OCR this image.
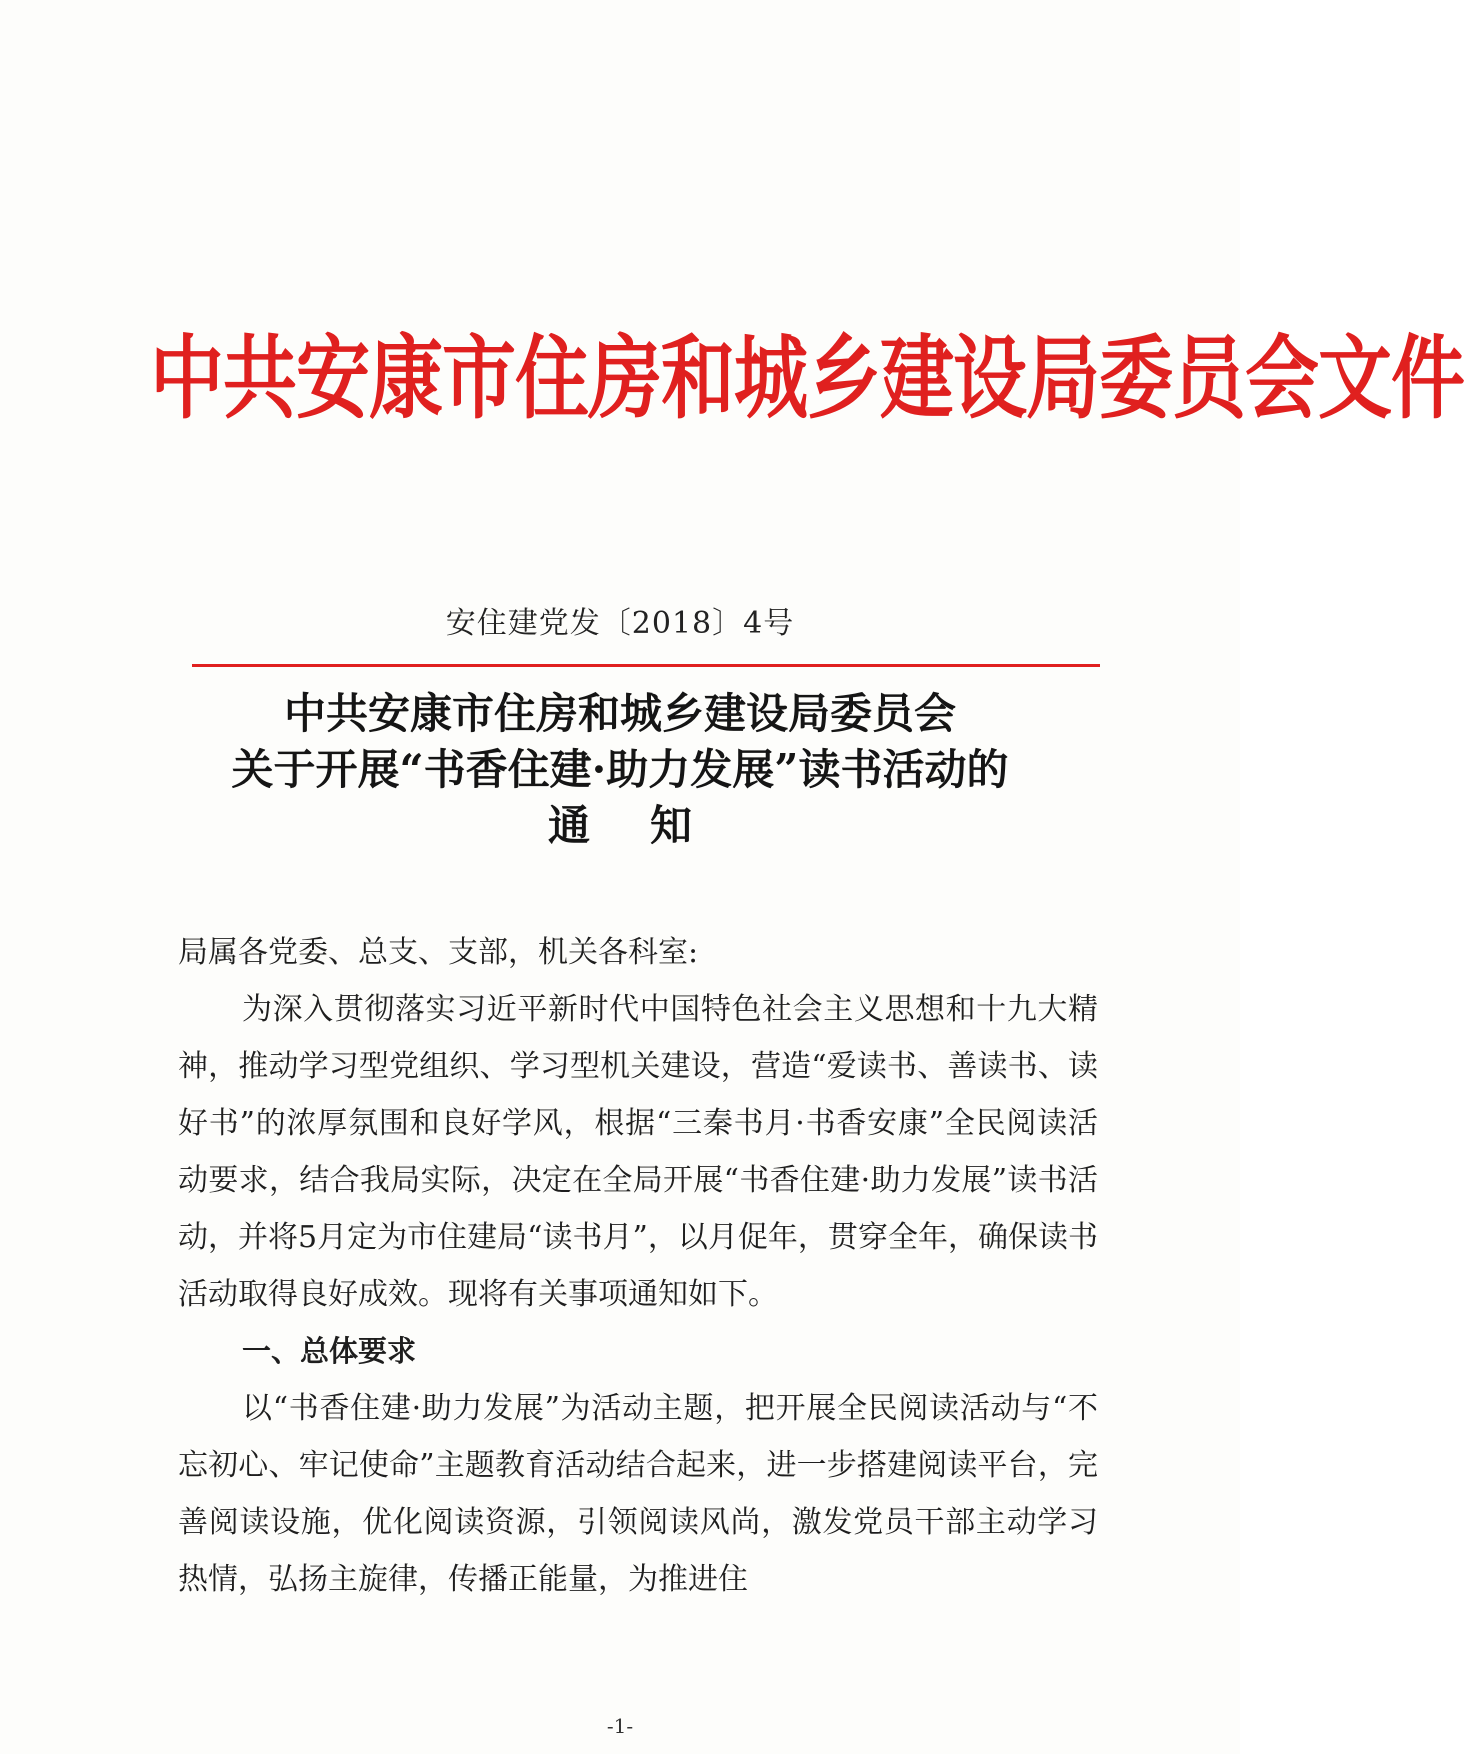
中共安康市住房和城乡建设局委员会文件
安住建党发〔2018〕4号
中共安康市住房和城乡建设局委员会
关于开展“书香住建·助力发展”读书活动的
通知

局属各党委、总支、支部，机关各科室:

为深入贯彻落实习近平新时代中国特色社会主义思想和十九大精神，推动学习型党组织、学习型机关建设，营造“爱读书、善读书、读好书”的浓厚氛围和良好学风，根据“三秦书月·书香安康”全民阅读活动要求，结合我局实际，决定在全局开展“书香住建·助力发展”读书活动，并将5月定为市住建局“读书月”，以月促年，贯穿全年，确保读书活动取得良好成效。现将有关事项通知如下。

一、总体要求

以“书香住建·助力发展”为活动主题，把开展全民阅读活动与“不忘初心、牢记使命”主题教育活动结合起来，进一步搭建阅读平台，完善阅读设施，优化阅读资源，引领阅读风尚，激发党员干部主动学习热情，弘扬主旋律，传播正能量，为推进住

-1-
